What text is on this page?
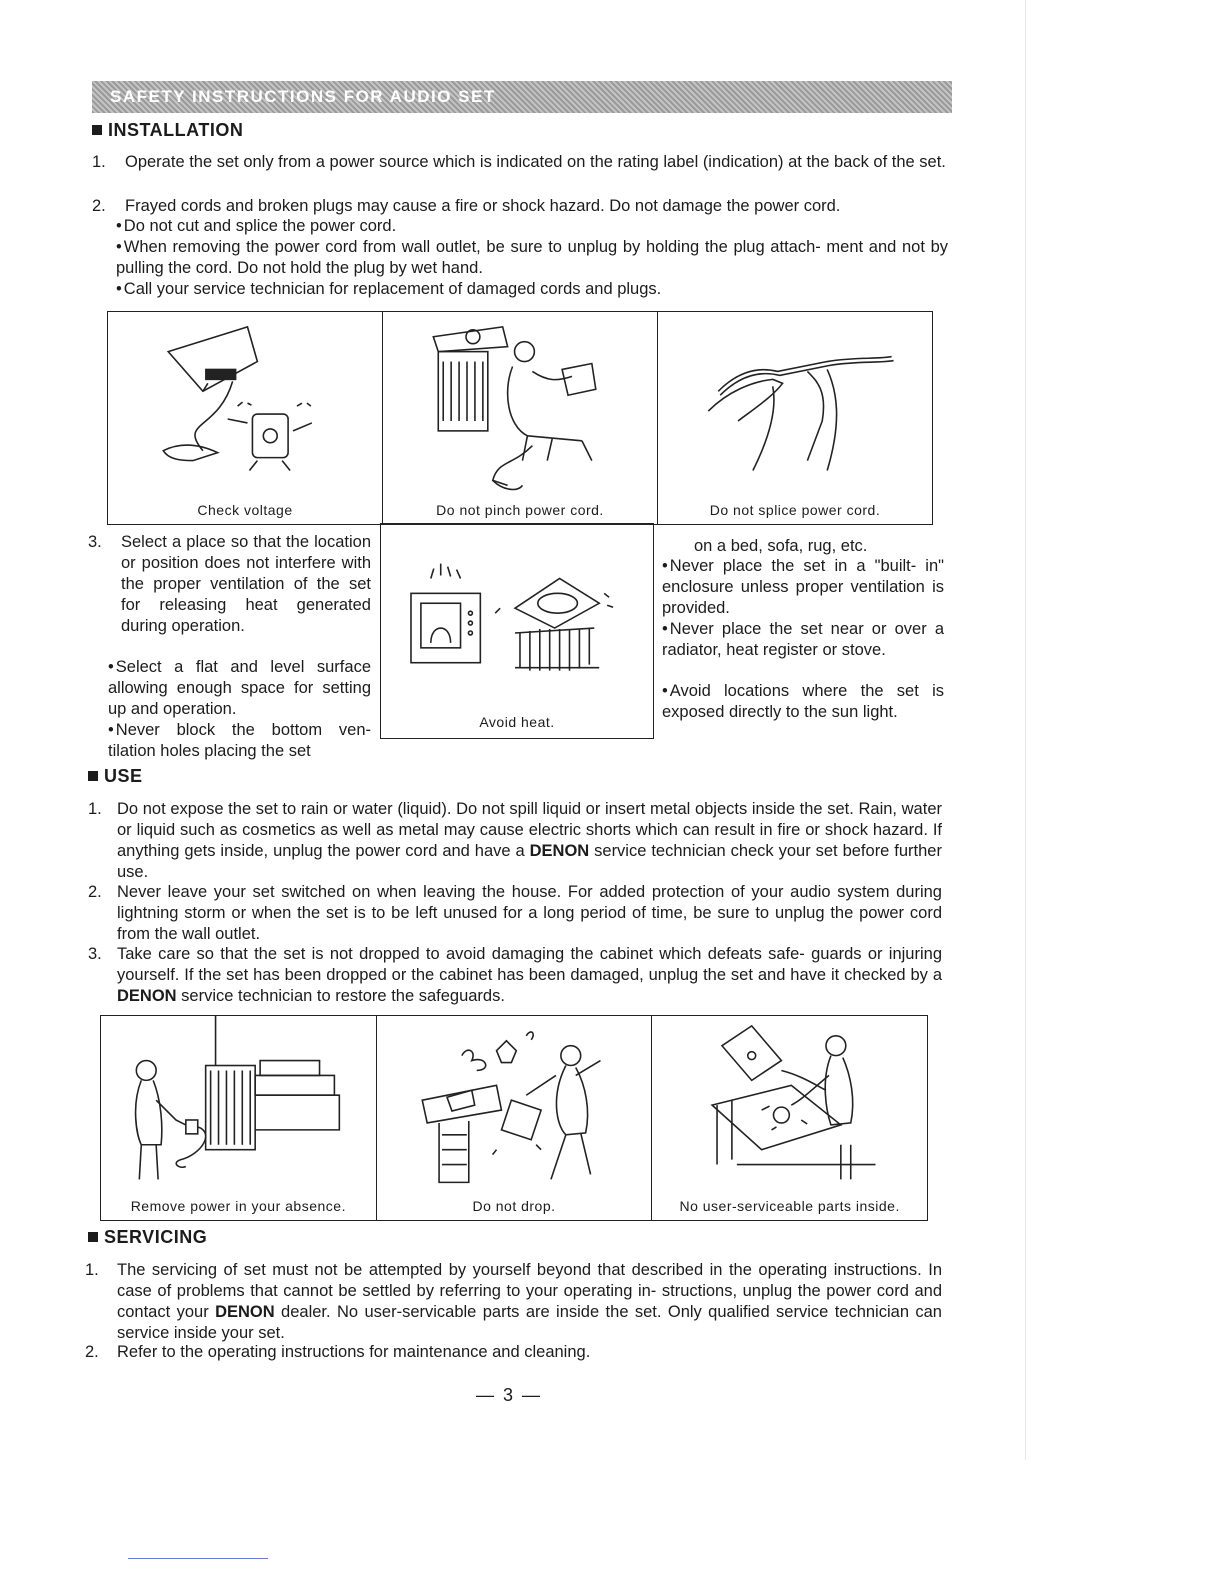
SAFETY INSTRUCTIONS FOR AUDIO SET
INSTALLATION
1. Operate the set only from a power source which is indicated on the rating label (indication) at the back of the set.

2. Frayed cords and broken plugs may cause a fire or shock hazard. Do not damage the power cord.

• Do not cut and splice the power cord.

• When removing the power cord from wall outlet, be sure to unplug by holding the plug attach- ment and not by pulling the cord. Do not hold the plug by wet hand.

• Call your service technician for replacement of damaged cords and plugs.

Check voltage	Do not pinch power cord.	Do not splice power cord.
3. Select a place so that the location or position does not interfere with the proper ventilation of the set for releasing heat generated during operation.

• Select a flat and level surface allowing enough space for setting up and operation.

• Never block the bottom ven- tilation holes placing the set

Avoid heat.

on a bed, sofa, rug, etc.

• Never place the set in a "built- in" enclosure unless proper ventilation is provided.

• Never place the set near or over a radiator, heat register or stove.

• Avoid locations where the set is exposed directly to the sun light.

USE
1. Do not expose the set to rain or water (liquid). Do not spill liquid or insert metal objects inside the set. Rain, water or liquid such as cosmetics as well as metal may cause electric shorts which can result in fire or shock hazard. If anything gets inside, unplug the power cord and have a DENON service technician check your set before further use.

2. Never leave your set switched on when leaving the house. For added protection of your audio system during lightning storm or when the set is to be left unused for a long period of time, be sure to unplug the power cord from the wall outlet.

3. Take care so that the set is not dropped to avoid damaging the cabinet which defeats safe- guards or injuring yourself. If the set has been dropped or the cabinet has been damaged, unplug the set and have it checked by a DENON service technician to restore the safeguards.

Remove power in your absence.	Do not drop.	No user-serviceable parts inside.
SERVICING
1. The servicing of set must not be attempted by yourself beyond that described in the operating instructions. In case of problems that cannot be settled by referring to your operating in- structions, unplug the power cord and contact your DENON dealer. No user-servicable parts are inside the set. Only qualified service technician can service inside your set.

2. Refer to the operating instructions for maintenance and cleaning.

— 3 —
